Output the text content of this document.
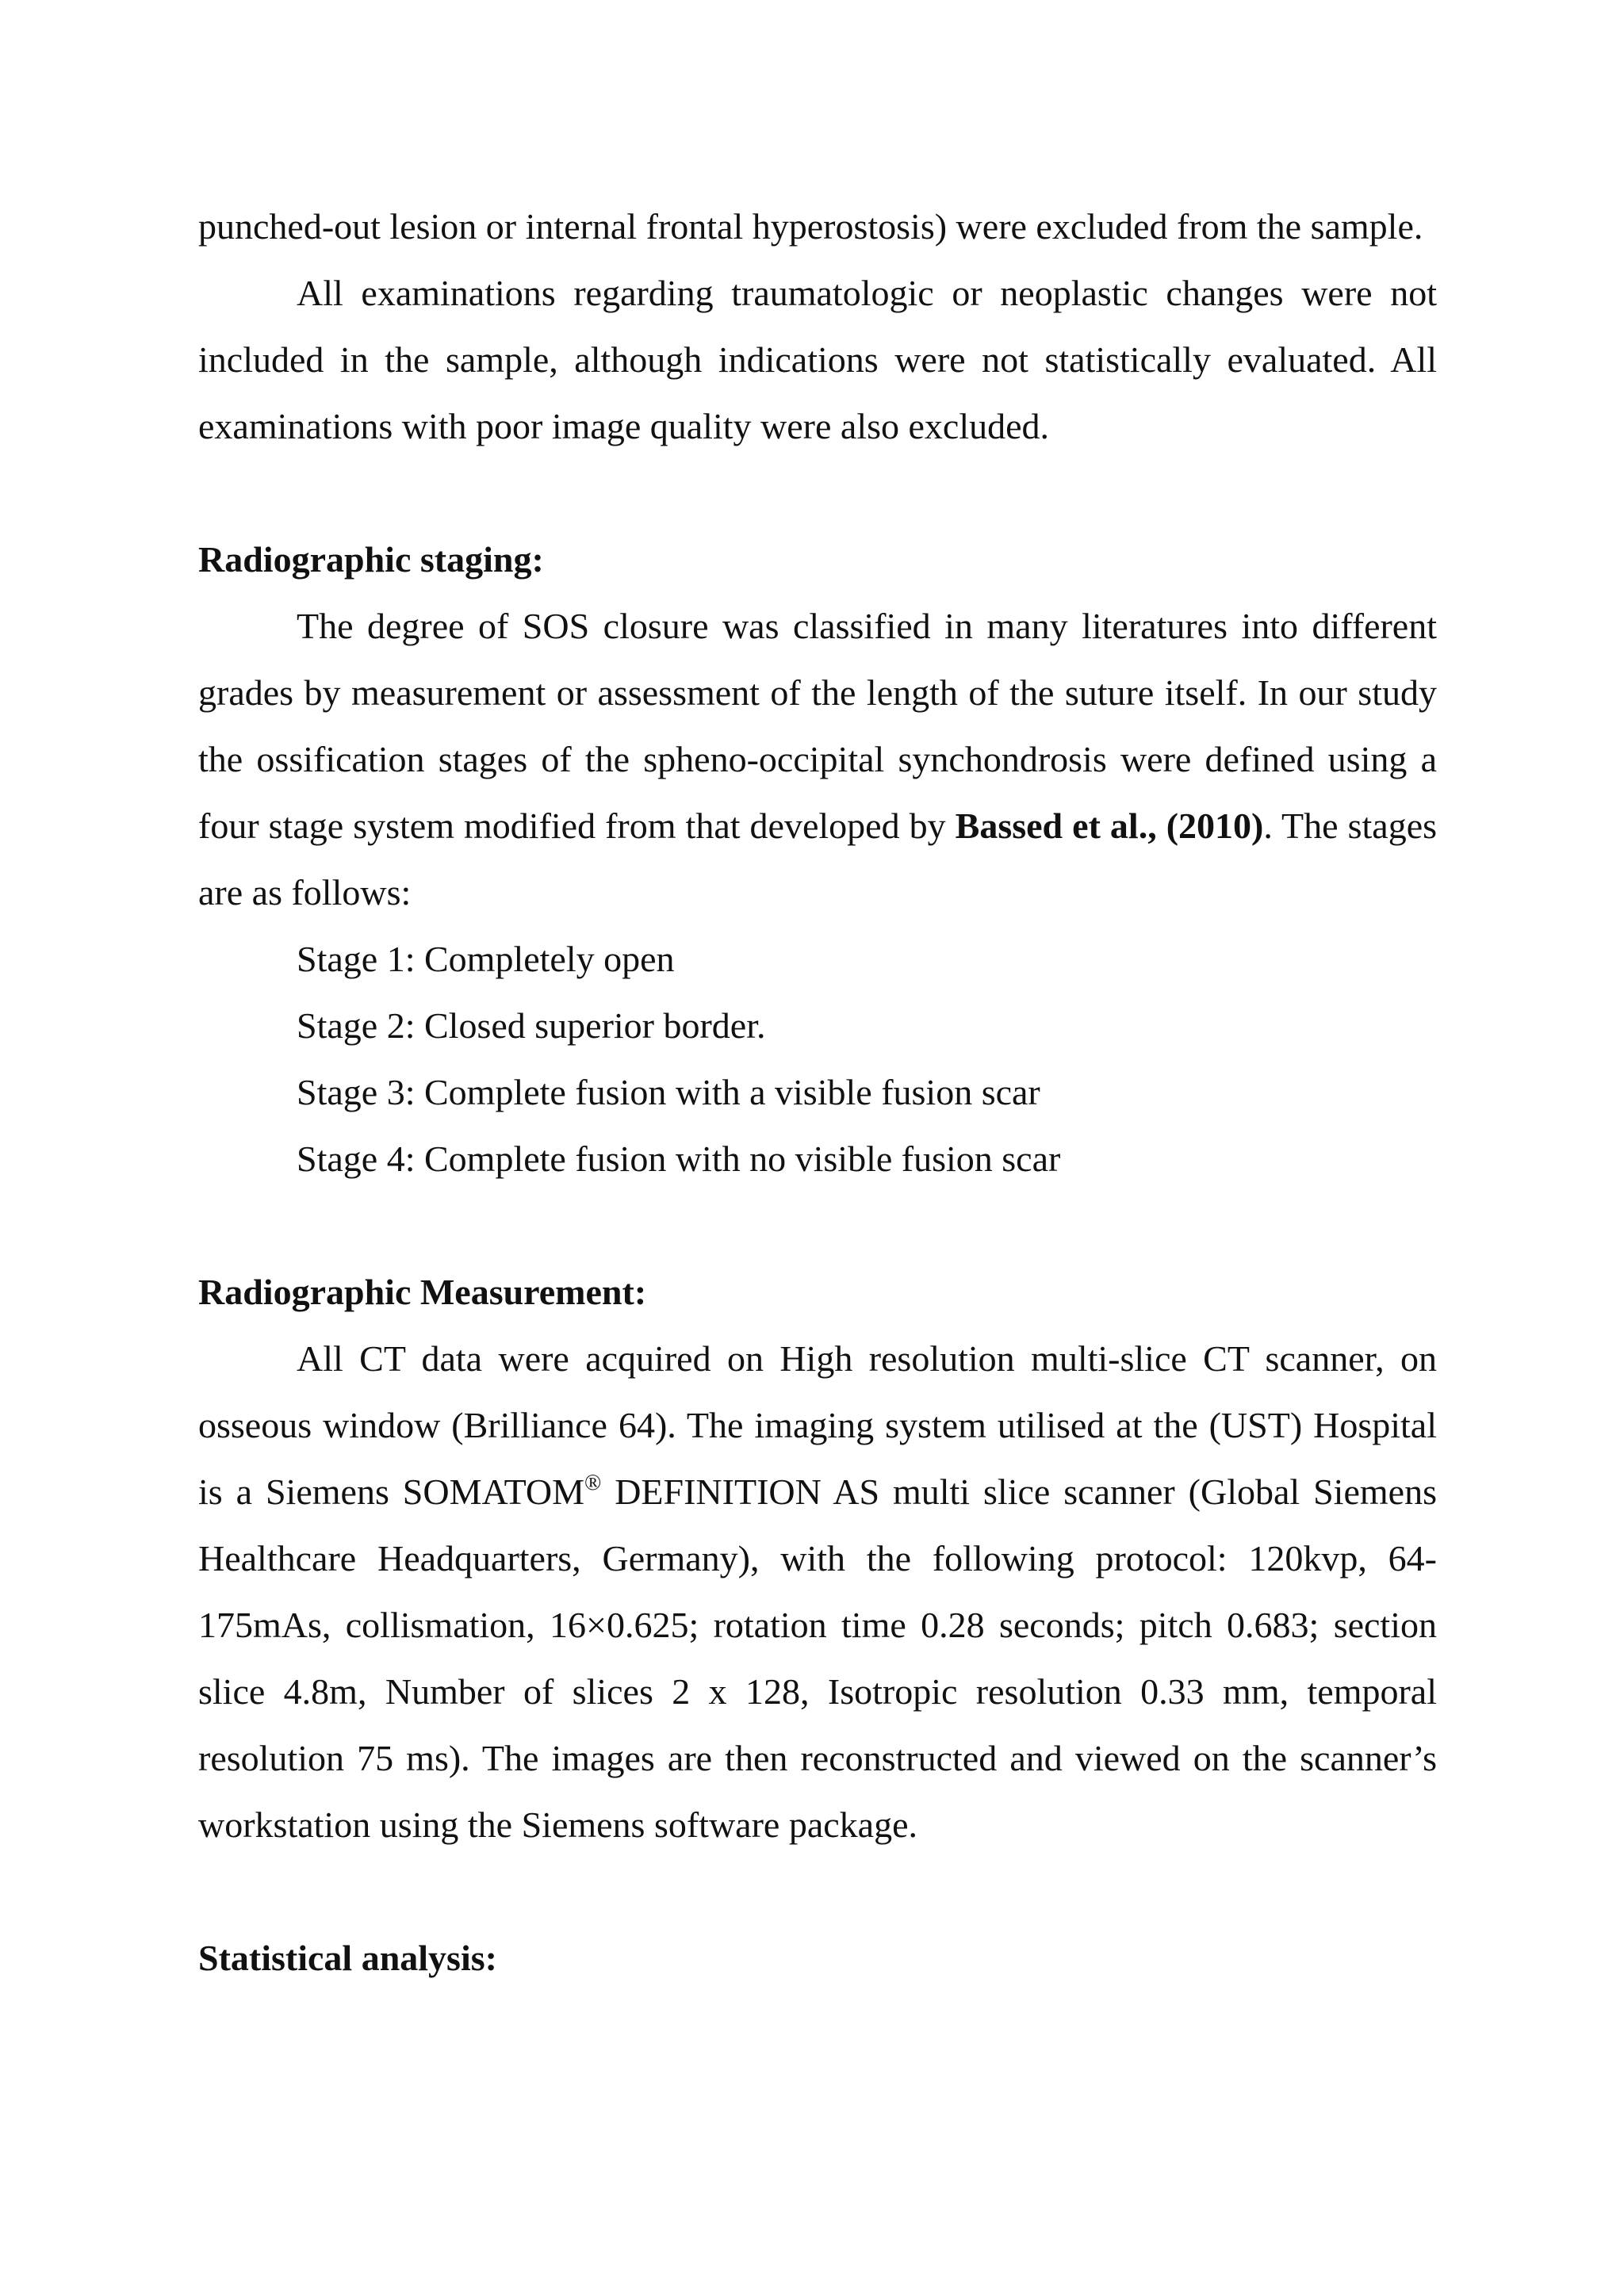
punched-out lesion or internal frontal hyperostosis) were excluded from the sample.

All examinations regarding traumatologic or neoplastic changes were not included in the sample, although indications were not statistically evaluated. All examinations with poor image quality were also excluded.

Radiographic staging:

The degree of SOS closure was classified in many literatures into different grades by measurement or assessment of the length of the suture itself. In our study the ossification stages of the spheno-occipital synchondrosis were defined using a four stage system modified from that developed by Bassed et al., (2010). The stages are as follows:

Stage 1: Completely open

Stage 2: Closed superior border.

Stage 3: Complete fusion with a visible fusion scar

Stage 4: Complete fusion with no visible fusion scar

Radiographic Measurement:

All CT data were acquired on High resolution multi-slice CT scanner, on osseous window (Brilliance 64). The imaging system utilised at the (UST) Hospital is a Siemens SOMATOM® DEFINITION AS multi slice scanner (Global Siemens Healthcare Headquarters, Germany), with the following protocol: 120kvp, 64-175mAs, collismation, 16×0.625; rotation time 0.28 seconds; pitch 0.683; section slice 4.8m, Number of slices 2 x 128, Isotropic resolution 0.33 mm, temporal resolution 75 ms). The images are then reconstructed and viewed on the scanner’s workstation using the Siemens software package.

Statistical analysis:
